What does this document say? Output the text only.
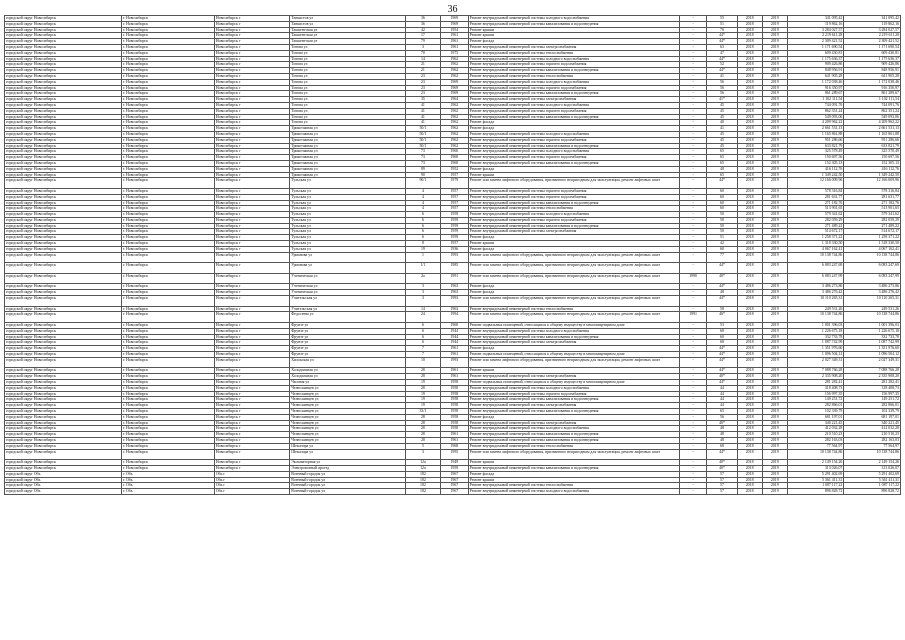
36
городской округ Новосибирск	г. Новосибирск	Новосибирск г	Танкистов ул	36	1969	Ремонт внутридомовой инженерной системы холодного водоснабжения	-	55	2018	2019	341 095,42	341 095,42
городской округ Новосибирск	г. Новосибирск	Новосибирск г	Танкистов ул	36	1969	Ремонт внутридомовой инженерной системы канализования и водоотведения	-	51	2018	2019	119 862,16	119 862,16
городской округ Новосибирск	г. Новосибирск	Новосибирск г	Ташкентская ул	42	1954	Ремонт крыши	-	70	2018	2019	3 284 027,57	3 284 027,57
городской округ Новосибирск	г. Новосибирск	Новосибирск г	Ташкентская ул	17	1961	Ремонт крыши	-	44*	2018	2019	2 219 611,28	2 219 611,28
городской округ Новосибирск	г. Новосибирск	Новосибирск г	Ташкентская ул	79	1961	Ремонт фасада	-	44*	2018	2019	2 309 421,52	2 309 421,52
городской округ Новосибирск	г. Новосибирск	Новосибирск г	Титова ул	3	1961	Ремонт внутридомовой инженерной системы электроснабжения	-	63	2018	2019	1 171 690,54	1 171 690,54
городской округ Новосибирск	г. Новосибирск	Новосибирск г	Титова ул	70	1975	Ремонт внутридомовой инженерной системы теплоснабжения	-	47	2018	2019	609 430,81	609 430,81
городской округ Новосибирск	г. Новосибирск	Новосибирск г	Титова ул	14	1962	Ремонт внутридомовой инженерной системы холодного водоснабжения	-	44*	2018	2019	1 175 636,37	1 175 636,37
городской округ Новосибирск	г. Новосибирск	Новосибирск г	Титова ул	21	1962	Ремонт внутридомовой инженерной системы горячего водоснабжения	-	52	2018	2019	909 426,86	909 426,86
городской округ Новосибирск	г. Новосибирск	Новосибирск г	Титова ул	21	1962	Ремонт внутридомовой инженерной системы канализования и водоотведения	-	44*	2018	2019	848 956,91	848 956,91
городской округ Новосибирск	г. Новосибирск	Новосибирск г	Титова ул	23	1962	Ремонт внутридомовой инженерной системы теплоснабжения	-	41	2018	2019	641 905,28	641 905,28
городской округ Новосибирск	г. Новосибирск	Новосибирск г	Титова ул	23	1969	Ремонт внутридомовой инженерной системы холодного водоснабжения	-	56	2018	2019	1 172 038,46	1 172 038,46
городской округ Новосибирск	г. Новосибирск	Новосибирск г	Титова ул	23	1969	Ремонт внутридомовой инженерной системы горячего водоснабжения	-	56	2018	2019	916 350,97	916 350,97
городской округ Новосибирск	г. Новосибирск	Новосибирск г	Титова ул	23	1969	Ремонт внутридомовой инженерной системы канализования и водоотведения	-	56	2018	2019	861 289,67	861 289,67
городской округ Новосибирск	г. Новосибирск	Новосибирск г	Титова ул	35	1964	Ремонт внутридомовой инженерной системы электроснабжения	-	41*	2018	2019	1 102 111,54	1 102 111,54
городской округ Новосибирск	г. Новосибирск	Новосибирск г	Титова ул	41	1962	Ремонт внутридомовой инженерной системы холодного водоснабжения	-	45	2018	2019	744 091,76	744 091,76
городской округ Новосибирск	г. Новосибирск	Новосибирск г	Титова ул	41	1962	Ремонт внутридомовой инженерной системы горячего водоснабжения	-	45	2018	2019	862 351,24	862 351,24
городской округ Новосибирск	г. Новосибирск	Новосибирск г	Титова ул	41	1962	Ремонт внутридомовой инженерной системы канализования и водоотведения	-	45	2018	2019	549 093,06	549 093,06
городской округ Новосибирск	г. Новосибирск	Новосибирск г	Титова ул	41	1962	Ремонт фасада	-	40	2018	2019	4 209 962,22	4 209 962,22
городской округ Новосибирск	г. Новосибирск	Новосибирск г	Трикотажная ул	50/1	1962	Ремонт фасада	-	41	2018	2019	2 661 531,13	2 661 531,13
городской округ Новосибирск	г. Новосибирск	Новосибирск г	Трикотажная ул	50/1	1962	Ремонт внутридомовой инженерной системы холодного водоснабжения	-	45	2018	2019	1 165 861,88	1 165 861,88
городской округ Новосибирск	г. Новосибирск	Новосибирск г	Трикотажная ул	50/1	1962	Ремонт внутридомовой инженерной системы горячего водоснабжения	-	45	2018	2019	951 286,66	951 286,66
городской округ Новосибирск	г. Новосибирск	Новосибирск г	Трикотажная ул	50/1	1962	Ремонт внутридомовой инженерной системы канализования и водоотведения	-	45	2018	2019	633 821,79	633 821,79
городской округ Новосибирск	г. Новосибирск	Новосибирск г	Трикотажная ул	73	1960	Ремонт внутридомовой инженерной системы холодного водоснабжения	-	65	2018	2019	325 578,49	325 578,49
городской округ Новосибирск	г. Новосибирск	Новосибирск г	Трикотажная ул	73	1960	Ремонт внутридомовой инженерной системы горячего водоснабжения	-	65	2018	2019	150 697,56	150 697,56
городской округ Новосибирск	г. Новосибирск	Новосибирск г	Трикотажная ул	73	1960	Ремонт внутридомовой инженерной системы канализования и водоотведения	-	65	2018	2019	152 305,13	152 305,13
городской округ Новосибирск	г. Новосибирск	Новосибирск г	Трикотажная ул	89	1952	Ремонт фасада	-	40	2018	2019	416 112,76	416 112,76
городской округ Новосибирск	г. Новосибирск	Новосибирск г	Трикотажная ул	90	1957	Ремонт крыши	-	65	2018	2019	1 349 242,50	1 349 242,50
городской округ Новосибирск	г. Новосибирск	Новосибирск г	Тульская ул	90/1	1979	Ремонт или замена лифтового оборудования, признанного непригодным для эксплуатации, ремонт лифтовых шахт	-	44*	2018	2019	12 166 009,96	12 166 009,96
городской округ Новосибирск	г. Новосибирск	Новосибирск г	Тульская ул	4	1957	Ремонт внутридомовой инженерной системы горячего водоснабжения	-	60	2018	2019	578 316,84	578 316,84
городской округ Новосибирск	г. Новосибирск	Новосибирск г	Тульская ул	4	1957	Ремонт внутридомовой инженерной системы горячего водоснабжения	-	60	2018	2019	281 631,77	281 631,77
городской округ Новосибирск	г. Новосибирск	Новосибирск г	Тульская ул	4	1957	Ремонт внутридомовой инженерной системы канализования и водоотведения	-	60	2018	2019	271 182,76	271 182,76
городской округ Новосибирск	г. Новосибирск	Новосибирск г	Тульская ул	4	1957	Ремонт внутридомовой инженерной системы теплоснабжения	-	60	2018	2019	513 901,65	513 901,65
городской округ Новосибирск	г. Новосибирск	Новосибирск г	Тульская ул	6	1959	Ремонт внутридомовой инженерной системы холодного водоснабжения	-	50	2018	2019	579 341,62	579 341,62
городской округ Новосибирск	г. Новосибирск	Новосибирск г	Тульская ул	6	1959	Ремонт внутридомовой инженерной системы горячего водоснабжения	-	50	2018	2019	282 059,29	282 059,29
городской округ Новосибирск	г. Новосибирск	Новосибирск г	Тульская ул	6	1959	Ремонт внутридомовой инженерной системы канализования и водоотведения	-	50	2018	2019	271 489,22	271 489,22
городской округ Новосибирск	г. Новосибирск	Новосибирск г	Тульская ул	6	1959	Ремонт внутридомовой инженерной системы электроснабжения	-	50	2018	2019	514 672,17	514 672,17
городской округ Новосибирск	г. Новосибирск	Новосибирск г	Тульская ул	6	1959	Ремонт фасада	-	51	2018	2019	1 258 371,22	1 258 371,22
городской округ Новосибирск	г. Новосибирск	Новосибирск г	Тульская ул	8	1957	Ремонт крыши	-	42	2018	2019	1 318 330,50	1 318 330,50
городской округ Новосибирск	г. Новосибирск	Новосибирск г	Тульская ул	19	1936	Ремонт фасада	-	60	2018	2019	4 067 162,41	4 067 162,41
городской округ Новосибирск	г. Новосибирск	Новосибирск г	Урманова ул	1	1993	Ремонт или замена лифтового оборудования, признанного непригодным для эксплуатации, ремонт лифтовых шахт	-	77	2018	2019	10 138 744,86	10 138 744,86
городской округ Новосибирск	г. Новосибирск	Новосибирск г	Урманова ул	1/1	1985	Ремонт или замена лифтового оборудования, признанного непригодным для эксплуатации, ремонт лифтовых шахт	-	44*	2018	2019	6 083 247,69	6 083 247,69
городской округ Новосибирск	г. Новосибирск	Новосибирск г	Ученическая ул	2а	1991	Ремонт или замена лифтового оборудования, признанного непригодным для эксплуатации, ремонт лифтовых шахт	1990	40*	2018	2019	6 083 247,99	6 083 247,99
городской округ Новосибирск	г. Новосибирск	Новосибирск г	Ученическая ул	3	1963	Ремонт фасада	-	44*	2018	2019	3 486 273,86	3 486 273,86
городской округ Новосибирск	г. Новосибирск	Новосибирск г	Ученическая ул	3	1963	Ремонт фасада	-	48	2018	2019	3 486 276,42	3 486 276,42
городской округ Новосибирск	г. Новосибирск	Новосибирск г	Учительская ул	3	1993	Ремонт или замена лифтового оборудования, признанного непригодным для эксплуатации, ремонт лифтовых шахт	-	44*	2018	2019	10 110 265,31	10 110 265,31
городской округ Новосибирск	г. Новосибирск	Новосибирск г	Учительская ул	14	1963	Ремонт внутридомовой инженерной системы теплоснабжения	-	58	2018	2019	249 531,26	249 531,26
городской округ Новосибирск	г. Новосибирск	Новосибирск г	Федосеева ул	24	1994	Ремонт или замена лифтового оборудования, признанного непригодным для эксплуатации, ремонт лифтовых шахт	1991	46*	2018	2019	10 138 744,86	10 138 744,86
городской округ Новосибирск	г. Новосибирск	Новосибирск г	Фрунзе ул	6	1960	Ремонт подвальных помещений, относящихся к общему имуществу в многоквартирном доме	-	53	2018	2019	1 001 396,03	1 001 396,03
городской округ Новосибирск	г. Новосибирск	Новосибирск г	Фрунзе ул	6	1944	Ремонт внутридомовой инженерной системы холодного водоснабжения	-	68	2018	2019	1 226 675,18	1 226 675,18
городской округ Новосибирск	г. Новосибирск	Новосибирск г	Фрунзе ул	6	1944	Ремонт внутридомовой инженерной системы канализования и водоотведения	-	60	2018	2019	332 733,78	332 733,78
городской округ Новосибирск	г. Новосибирск	Новосибирск г	Фрунзе ул	6	1944	Ремонт внутридомовой инженерной системы электроснабжения	-	68	2018	2019	1 087 742,99	1 087 742,99
городской округ Новосибирск	г. Новосибирск	Новосибирск г	Фрунзе ул	7	1961	Ремонт фасада	-	44*	2018	2019	1 351 976,60	1 351 976,60
городской округ Новосибирск	г. Новосибирск	Новосибирск г	Фрунзе ул	7	1961	Ремонт подвальных помещений, относящихся к общему имуществу в многоквартирном доме	-	44*	2018	2019	1 096 504,12	1 096 504,12
городской округ Новосибирск	г. Новосибирск	Новосибирск г	Хилокская ул	10	1993	Ремонт или замена лифтового оборудования, признанного непригодным для эксплуатации, ремонт лифтовых шахт	-	44*	2018	2019	2 027 349,31	2 027 349,31
городской округ Новосибирск	г. Новосибирск	Новосибирск г	Холодильная ул	28	1961	Ремонт крыши	-	44*	2018	2019	7 088 766,28	7 088 766,28
городской округ Новосибирск	г. Новосибирск	Новосибирск г	Холодильная ул	28	1961	Ремонт внутридомовой инженерной системы электроснабжения	-	40*	2018	2019	2 335 908,20	2 335 908,20
городской округ Новосибирск	г. Новосибирск	Новосибирск г	Часовая ул	19	1958	Ремонт подвальных помещений, относящихся к общему имуществу в многоквартирном доме	-	44*	2018	2019	281 282,41	281 282,41
городской округ Новосибирск	г. Новосибирск	Новосибирск г	Челюскинцев ул	28	1958	Ремонт внутридомовой инженерной системы холодного водоснабжения	-	44	2018	2019	318 408,73	318 408,73
городской округ Новосибирск	г. Новосибирск	Новосибирск г	Челюскинцев ул	19	1958	Ремонт внутридомовой инженерной системы горячего водоснабжения	-	44	2018	2019	156 997,35	156 997,35
городской округ Новосибирск	г. Новосибирск	Новосибирск г	Челюскинцев ул	19	1958	Ремонт внутридомовой инженерной системы канализования и водоотведения	-	44	2018	2019	149 251,72	149 251,72
городской округ Новосибирск	г. Новосибирск	Новосибирск г	Челюскинцев ул	19	1958	Ремонт внутридомовой инженерной системы электроснабжения	-	44	2018	2019	282 866,01	282 866,01
городской округ Новосибирск	г. Новосибирск	Новосибирск г	Челюскинцев ул	33/1	1958	Ремонт внутридомовой инженерной системы канализования и водоотведения	-	65	2018	2019	102 339,79	102 339,79
городской округ Новосибирск	г. Новосибирск	Новосибирск г	Челюскинцев ул	28	1958	Ремонт фасада	-	56	2018	2019	681 197,01	681 197,01
городской округ Новосибирск	г. Новосибирск	Новосибирск г	Челюскинцев ул	28	1958	Ремонт внутридомовой инженерной системы электроснабжения	-	40*	2018	2019	340 221,45	340 221,45
городской округ Новосибирск	г. Новосибирск	Новосибирск г	Челюскинцев ул	28	1958	Ремонт внутридомовой инженерной системы холодного водоснабжения	-	48	2018	2019	412 032,28	412 032,28
городской округ Новосибирск	г. Новосибирск	Новосибирск г	Челюскинцев ул	28	1961	Ремонт внутридомовой инженерной системы канализования и водоотведения	-	48	2018	2019	210 510,23	210 510,23
городской округ Новосибирск	г. Новосибирск	Новосибирск г	Челюскинцев ул	28	1961	Ремонт внутридомовой инженерной системы канализования и водоотведения	-	48	2018	2019	282 163,03	282 163,03
городской округ Новосибирск	г. Новосибирск	Новосибирск г	Шекспира ул	5	1968	Ремонт внутридомовой инженерной системы теплоснабжения	-	68	2018	2019	77 564,97	77 564,97
городской округ Новосибирск	г. Новосибирск	Новосибирск г	Шекспира ул	3	1995	Ремонт или замена лифтового оборудования, признанного непригодным для эксплуатации, ремонт лифтовых шахт	-	44*	2018	2019	10 138 744,86	10 138 744,86
городской округ Новосибирск	г. Новосибирск	Новосибирск г	Экскаваторная ул	12а	1949	Ремонт крыши	-	40*	2018	2019	2 149 154,26	2 149 154,26
городской округ Новосибирск	г. Новосибирск	Новосибирск г	Электровозный проезд	12а	1959	Ремонт внутридомовой инженерной системы канализования и водоотведения	-	40*	2018	2019	313 026,07	313 026,07
городской округ Обь	г. Обь	Обь г	Военный городок ул	182	1967	Ремонт фасада	-	57	2018	2019	5 291 402,69	5 291 402,69
городской округ Обь	г. Обь	Обь г	Военный городок ул	182	1967	Ремонт крыши	-	57	2018	2019	5 361 411,31	5 361 411,31
городской округ Обь	г. Обь	Обь г	Военный городок ул	182	1967	Ремонт внутридомовой инженерной системы теплоснабжения	-	57	2018	2019	1 087 117,22	1 087 117,22
городской округ Обь	г. Обь	Обь г	Военный городок ул	182	1967	Ремонт внутридомовой инженерной системы холодного водоснабжения	-	57	2018	2019	896 828,72	896 828,72
